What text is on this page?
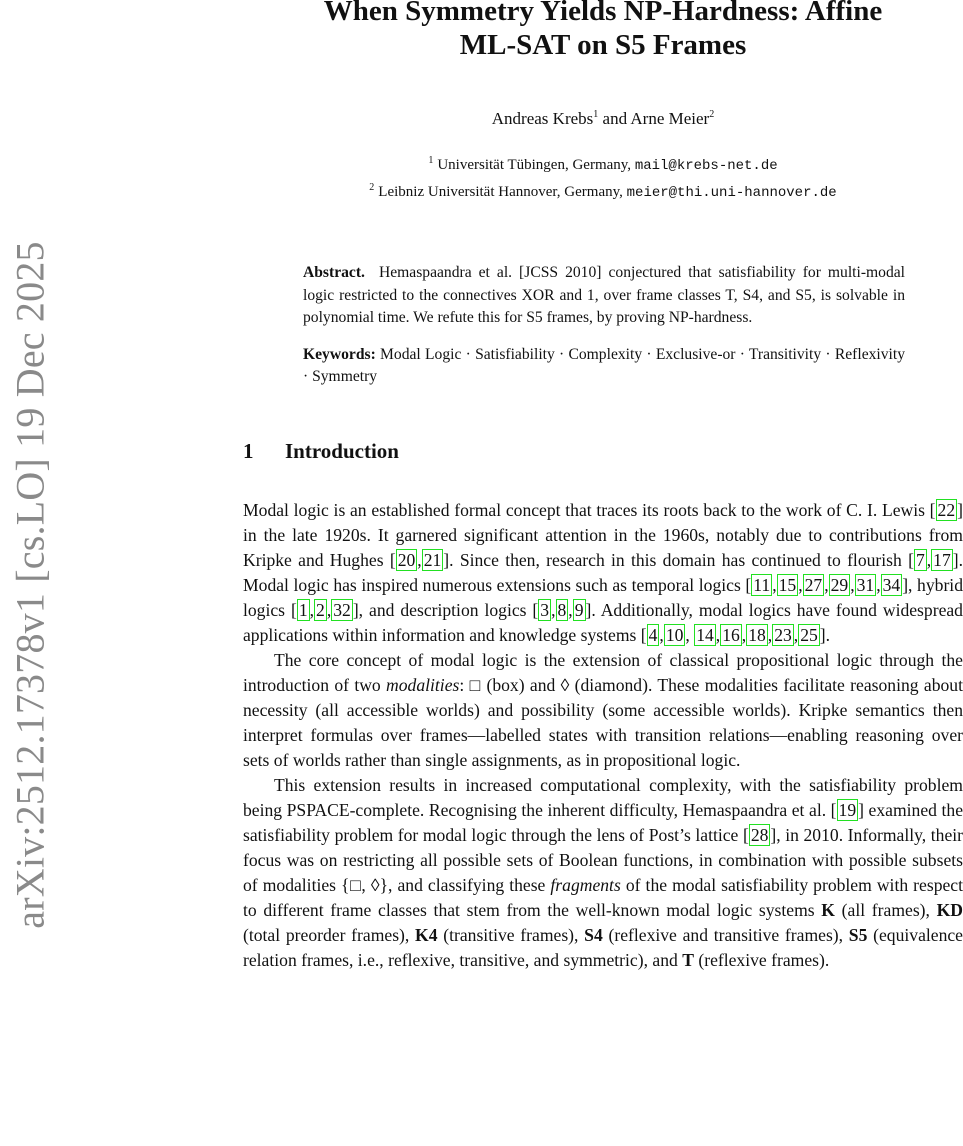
arXiv:2512.17378v1 [cs.LO] 19 Dec 2025
When Symmetry Yields NP-Hardness: Affine
ML-SAT on S5 Frames
Andreas Krebs$^1$ and Arne Meier$^2$
$^1$ Universität Tübingen, Germany, mail@krebs-net.de
$^2$ Leibniz Universität Hannover, Germany, meier@thi.uni-hannover.de
Abstract. Hemaspaandra et al. [JCSS 2010] conjectured that satisfiability for multi-modal logic restricted to the connectives XOR and 1, over frame classes T, S4, and S5, is solvable in polynomial time. We refute this for S5 frames, by proving NP-hardness.
Keywords: Modal Logic · Satisfiability · Complexity · Exclusive-or · Transitivity · Reflexivity · Symmetry
1 Introduction

Modal logic is an established formal concept that traces its roots back to the work of C. I. Lewis [ 22 ] in the late 1920s. It garnered significant attention in the 1960s, notably due to contributions from Kripke and Hughes [ 20 , 21 ]. Since then, research in this domain has continued to flourish [ 7 , 17 ]. Modal logic has inspired numerous extensions such as temporal logics [ 11 , 15 , 27 , 29 , 31 , 34 ], hybrid logics [ 1 , 2 , 32 ], and description logics [ 3 , 8 , 9 ]. Additionally, modal logics have found widespread applications within information and knowledge systems [ 4 , 10 , 14 , 16 , 18 , 23 , 25 ].

The core concept of modal logic is the extension of classical propositional logic through the introduction of two modalities: □ (box) and ◊ (diamond). These modalities facilitate reasoning about necessity (all accessible worlds) and possibility (some accessible worlds). Kripke semantics then interpret formulas over frames—labelled states with transition relations—enabling reasoning over sets of worlds rather than single assignments, as in propositional logic.

This extension results in increased computational complexity, with the satisfiability problem being PSPACE-complete. Recognising the inherent difficulty, Hemaspaandra et al. [ 19 ] examined the satisfiability problem for modal logic through the lens of Post’s lattice [ 28 ], in 2010. Informally, their focus was on restricting all possible sets of Boolean functions, in combination with possible subsets of modalities {□, ◊}, and classifying these fragments of the modal satisfiability problem with respect to different frame classes that stem from the well-known modal logic systems K (all frames), KD (total preorder frames), K4 (transitive frames), S4 (reflexive and transitive frames), S5 (equivalence relation frames, i.e., reflexive, transitive, and symmetric), and T (reflexive frames).
